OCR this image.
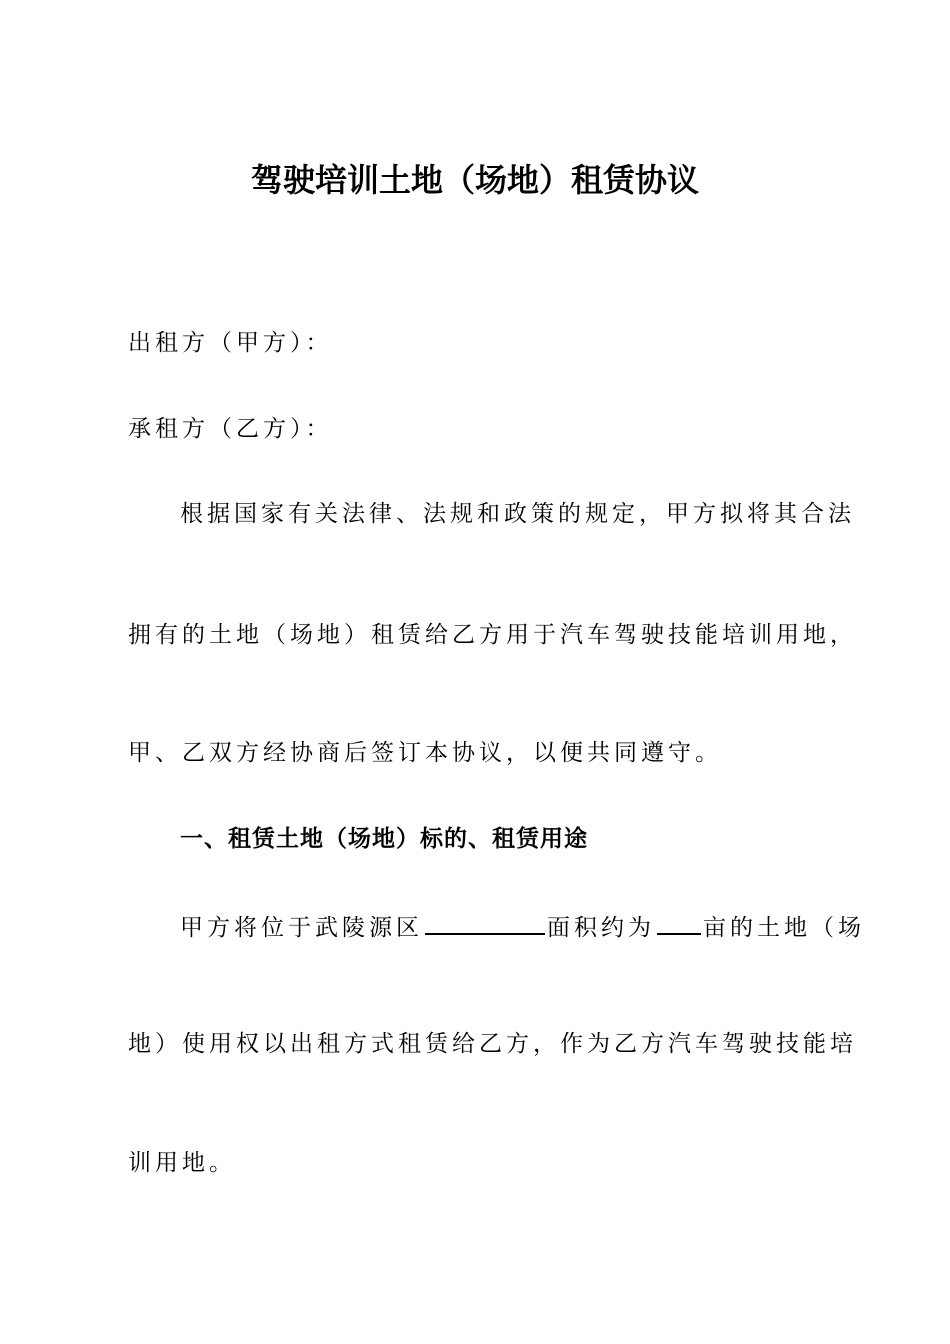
驾驶培训土地（场地）租赁协议
出租方（甲方）：
承租方（乙方）：
根据国家有关法律、法规和政策的规定，甲方拟将其合法
拥有的土地（场地）租赁给乙方用于汽车驾驶技能培训用地，
甲、乙双方经协商后签订本协议，以便共同遵守。
一、租赁土地（场地）标的、租赁用途
甲方将位于武陵源区	面积约为 亩的土地（场
地）使用权以出租方式租赁给乙方，作为乙方汽车驾驶技能培
训用地。
